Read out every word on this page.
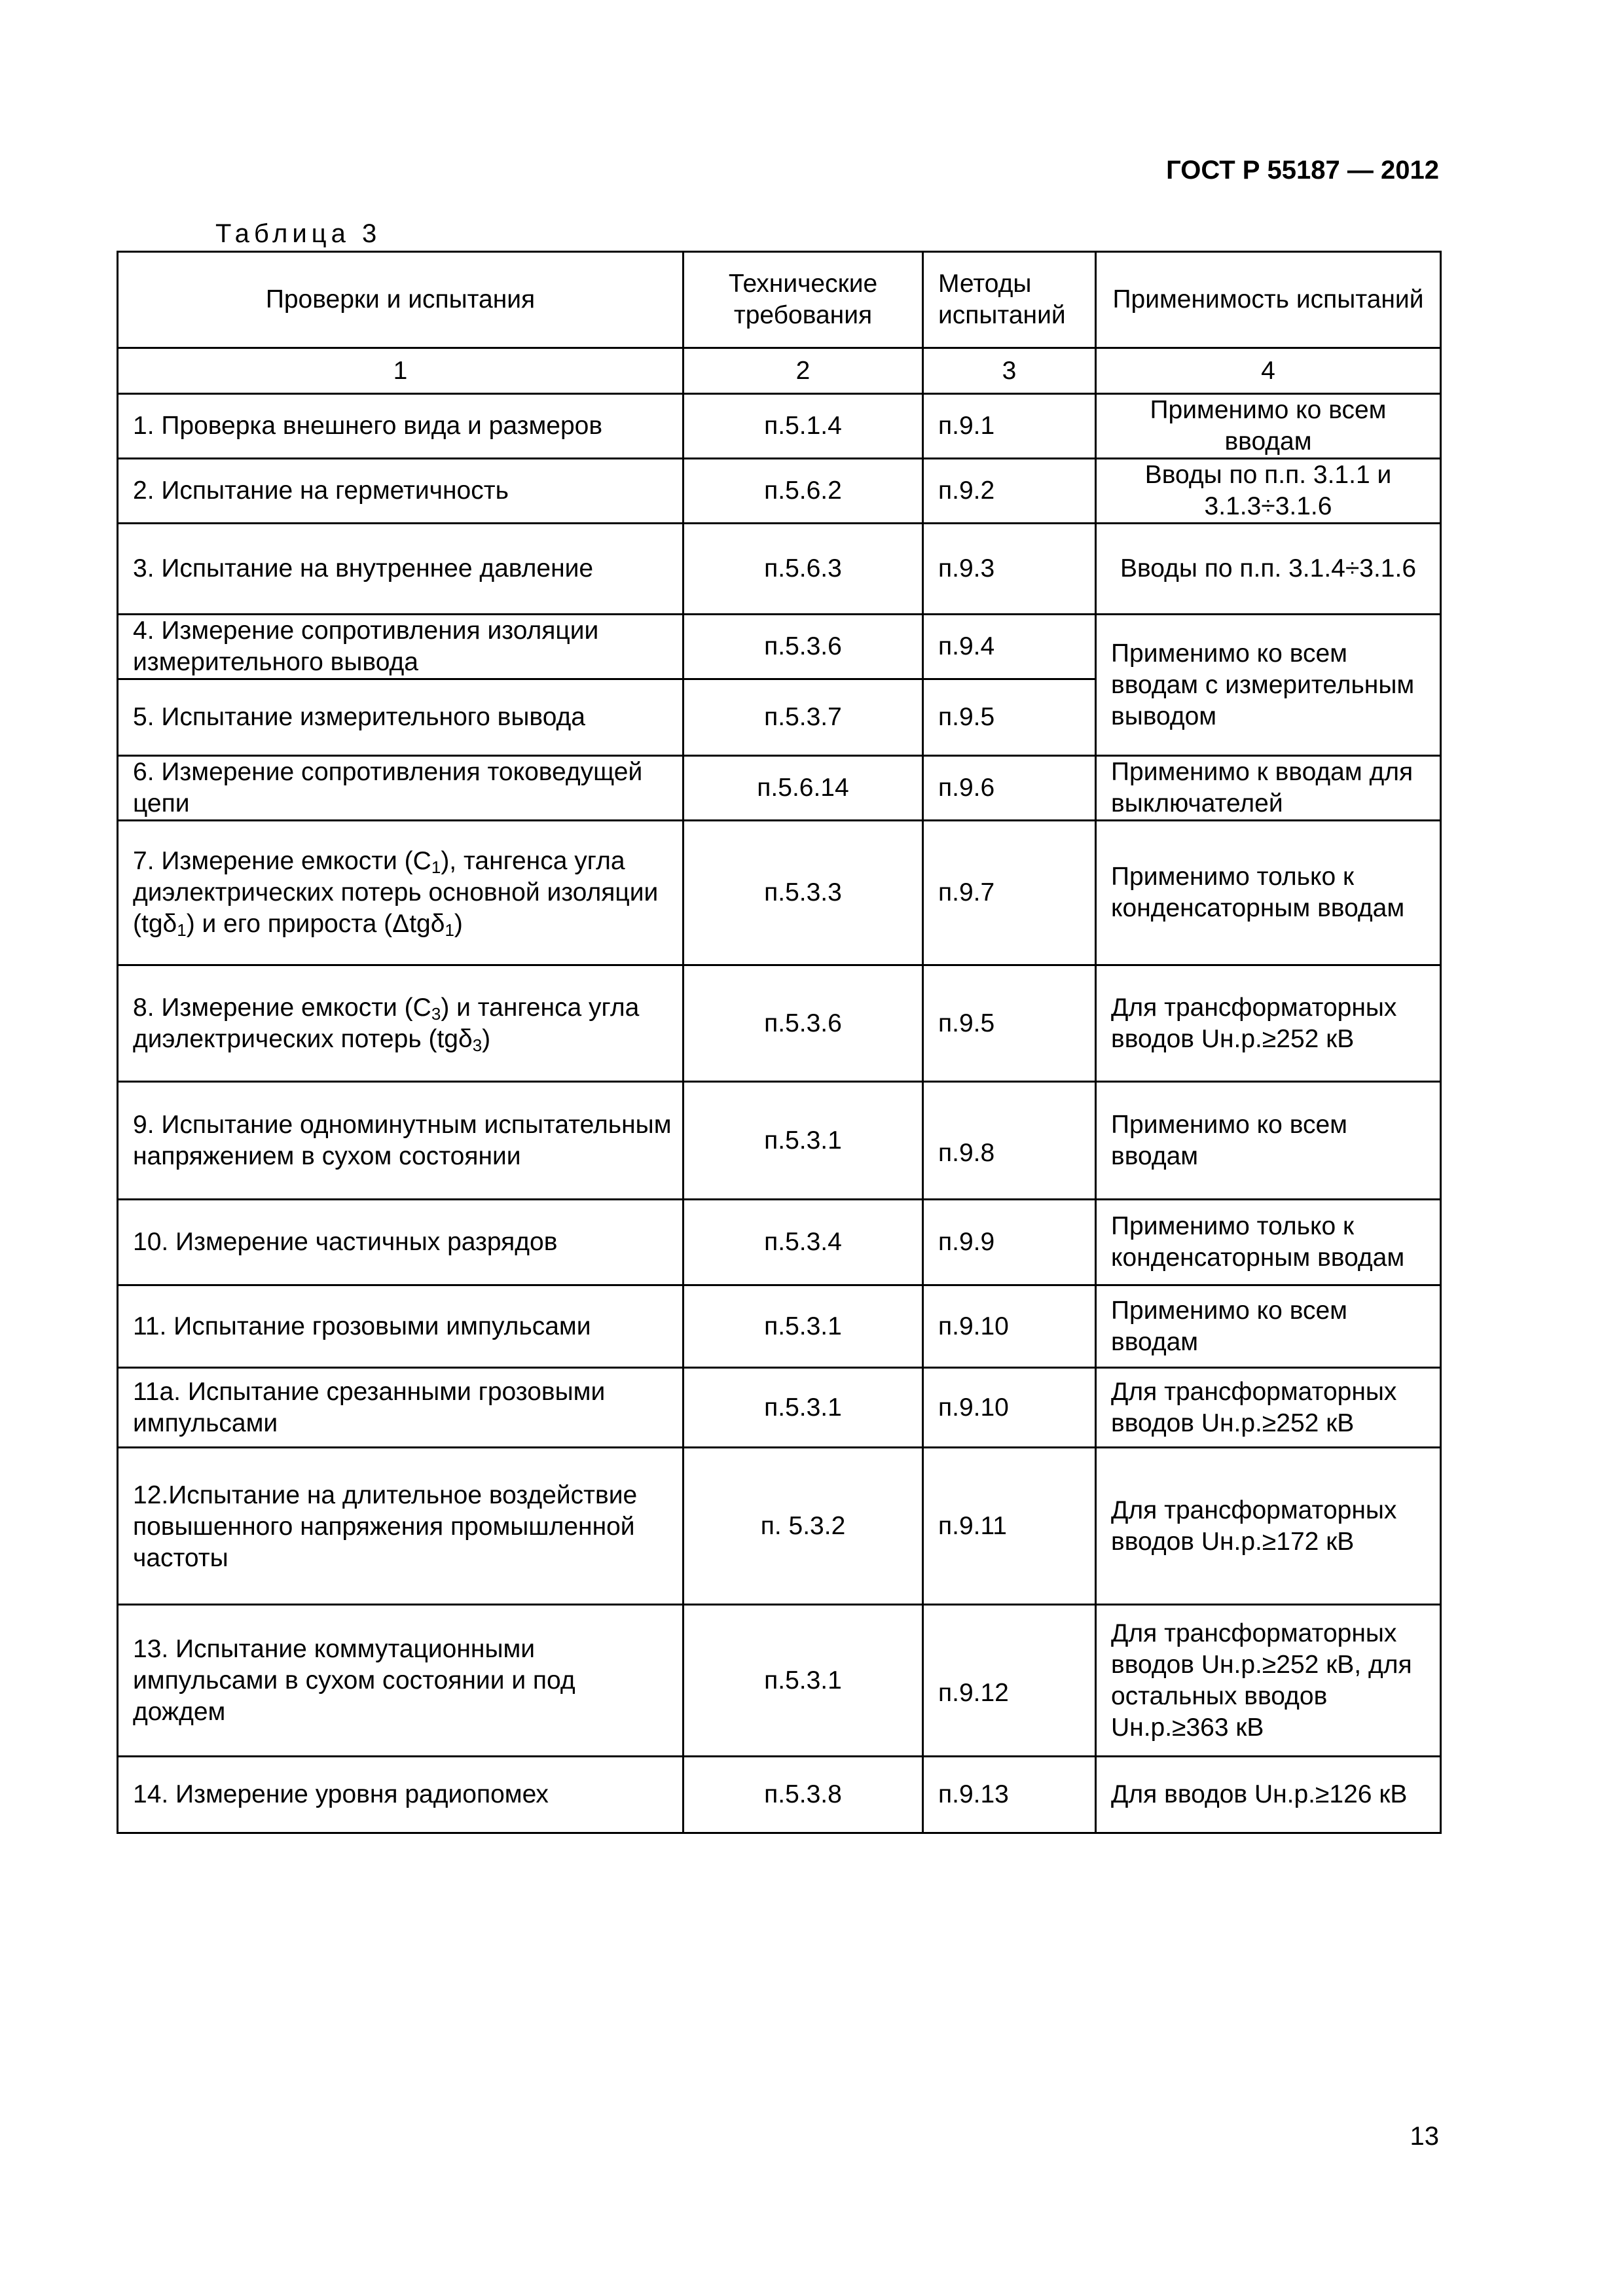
ГОСТ Р 55187 — 2012
Таблица 3
Проверки и испытания	Технические требования	Методы испытаний	Применимость испытаний
1	2	3	4
1. Проверка внешнего вида и размеров	п.5.1.4	п.9.1	Применимо ко всем вводам
2. Испытание на герметичность	п.5.6.2	п.9.2	Вводы по п.п. 3.1.1 и 3.1.3÷3.1.6
3. Испытание на внутреннее давление	п.5.6.3	п.9.3	Вводы по п.п. 3.1.4÷3.1.6
4. Измерение сопротивления изоляции измерительного вывода	п.5.3.6	п.9.4	Применимо ко всем вводам с измерительным выводом
5. Испытание измерительного вывода	п.5.3.7	п.9.5	
6. Измерение сопротивления токоведущей цепи	п.5.6.14	п.9.6	Применимо к вводам для выключателей
7. Измерение емкости $(C_1)$, тангенса угла диэлектрических потерь основной изоляции (tgδ$_1$) и его прироста (Δtgδ$_1$)	п.5.3.3	п.9.7	Применимо только к конденсаторным вводам
8. Измерение емкости $(C_3)$ и тангенса угла диэлектрических потерь (tgδ$_3$)	п.5.3.6	п.9.5	Для трансформаторных вводов Uн.р.≥252 кВ
9. Испытание одноминутным испытательным напряжением в сухом состоянии	п.5.3.1	п.9.8	Применимо ко всем вводам
10. Измерение частичных разрядов	п.5.3.4	п.9.9	Применимо только к конденсаторным вводам
11. Испытание грозовыми импульсами	п.5.3.1	п.9.10	Применимо ко всем вводам
11а. Испытание срезанными грозовыми импульсами	п.5.3.1	п.9.10	Для трансформаторных вводов Uн.р.≥252 кВ
12.Испытание на длительное воздействие повышенного напряжения промышленной частоты	п. 5.3.2	п.9.11	Для трансформаторных вводов Uн.р.≥172 кВ
13. Испытание коммутационными импульсами в сухом состоянии и под дождем	п.5.3.1	п.9.12	Для трансформаторных вводов Uн.р.≥252 кВ, для остальных вводов Uн.р.≥363 кВ
14. Измерение уровня радиопомех	п.5.3.8	п.9.13	Для вводов Uн.р.≥126 кВ
13
